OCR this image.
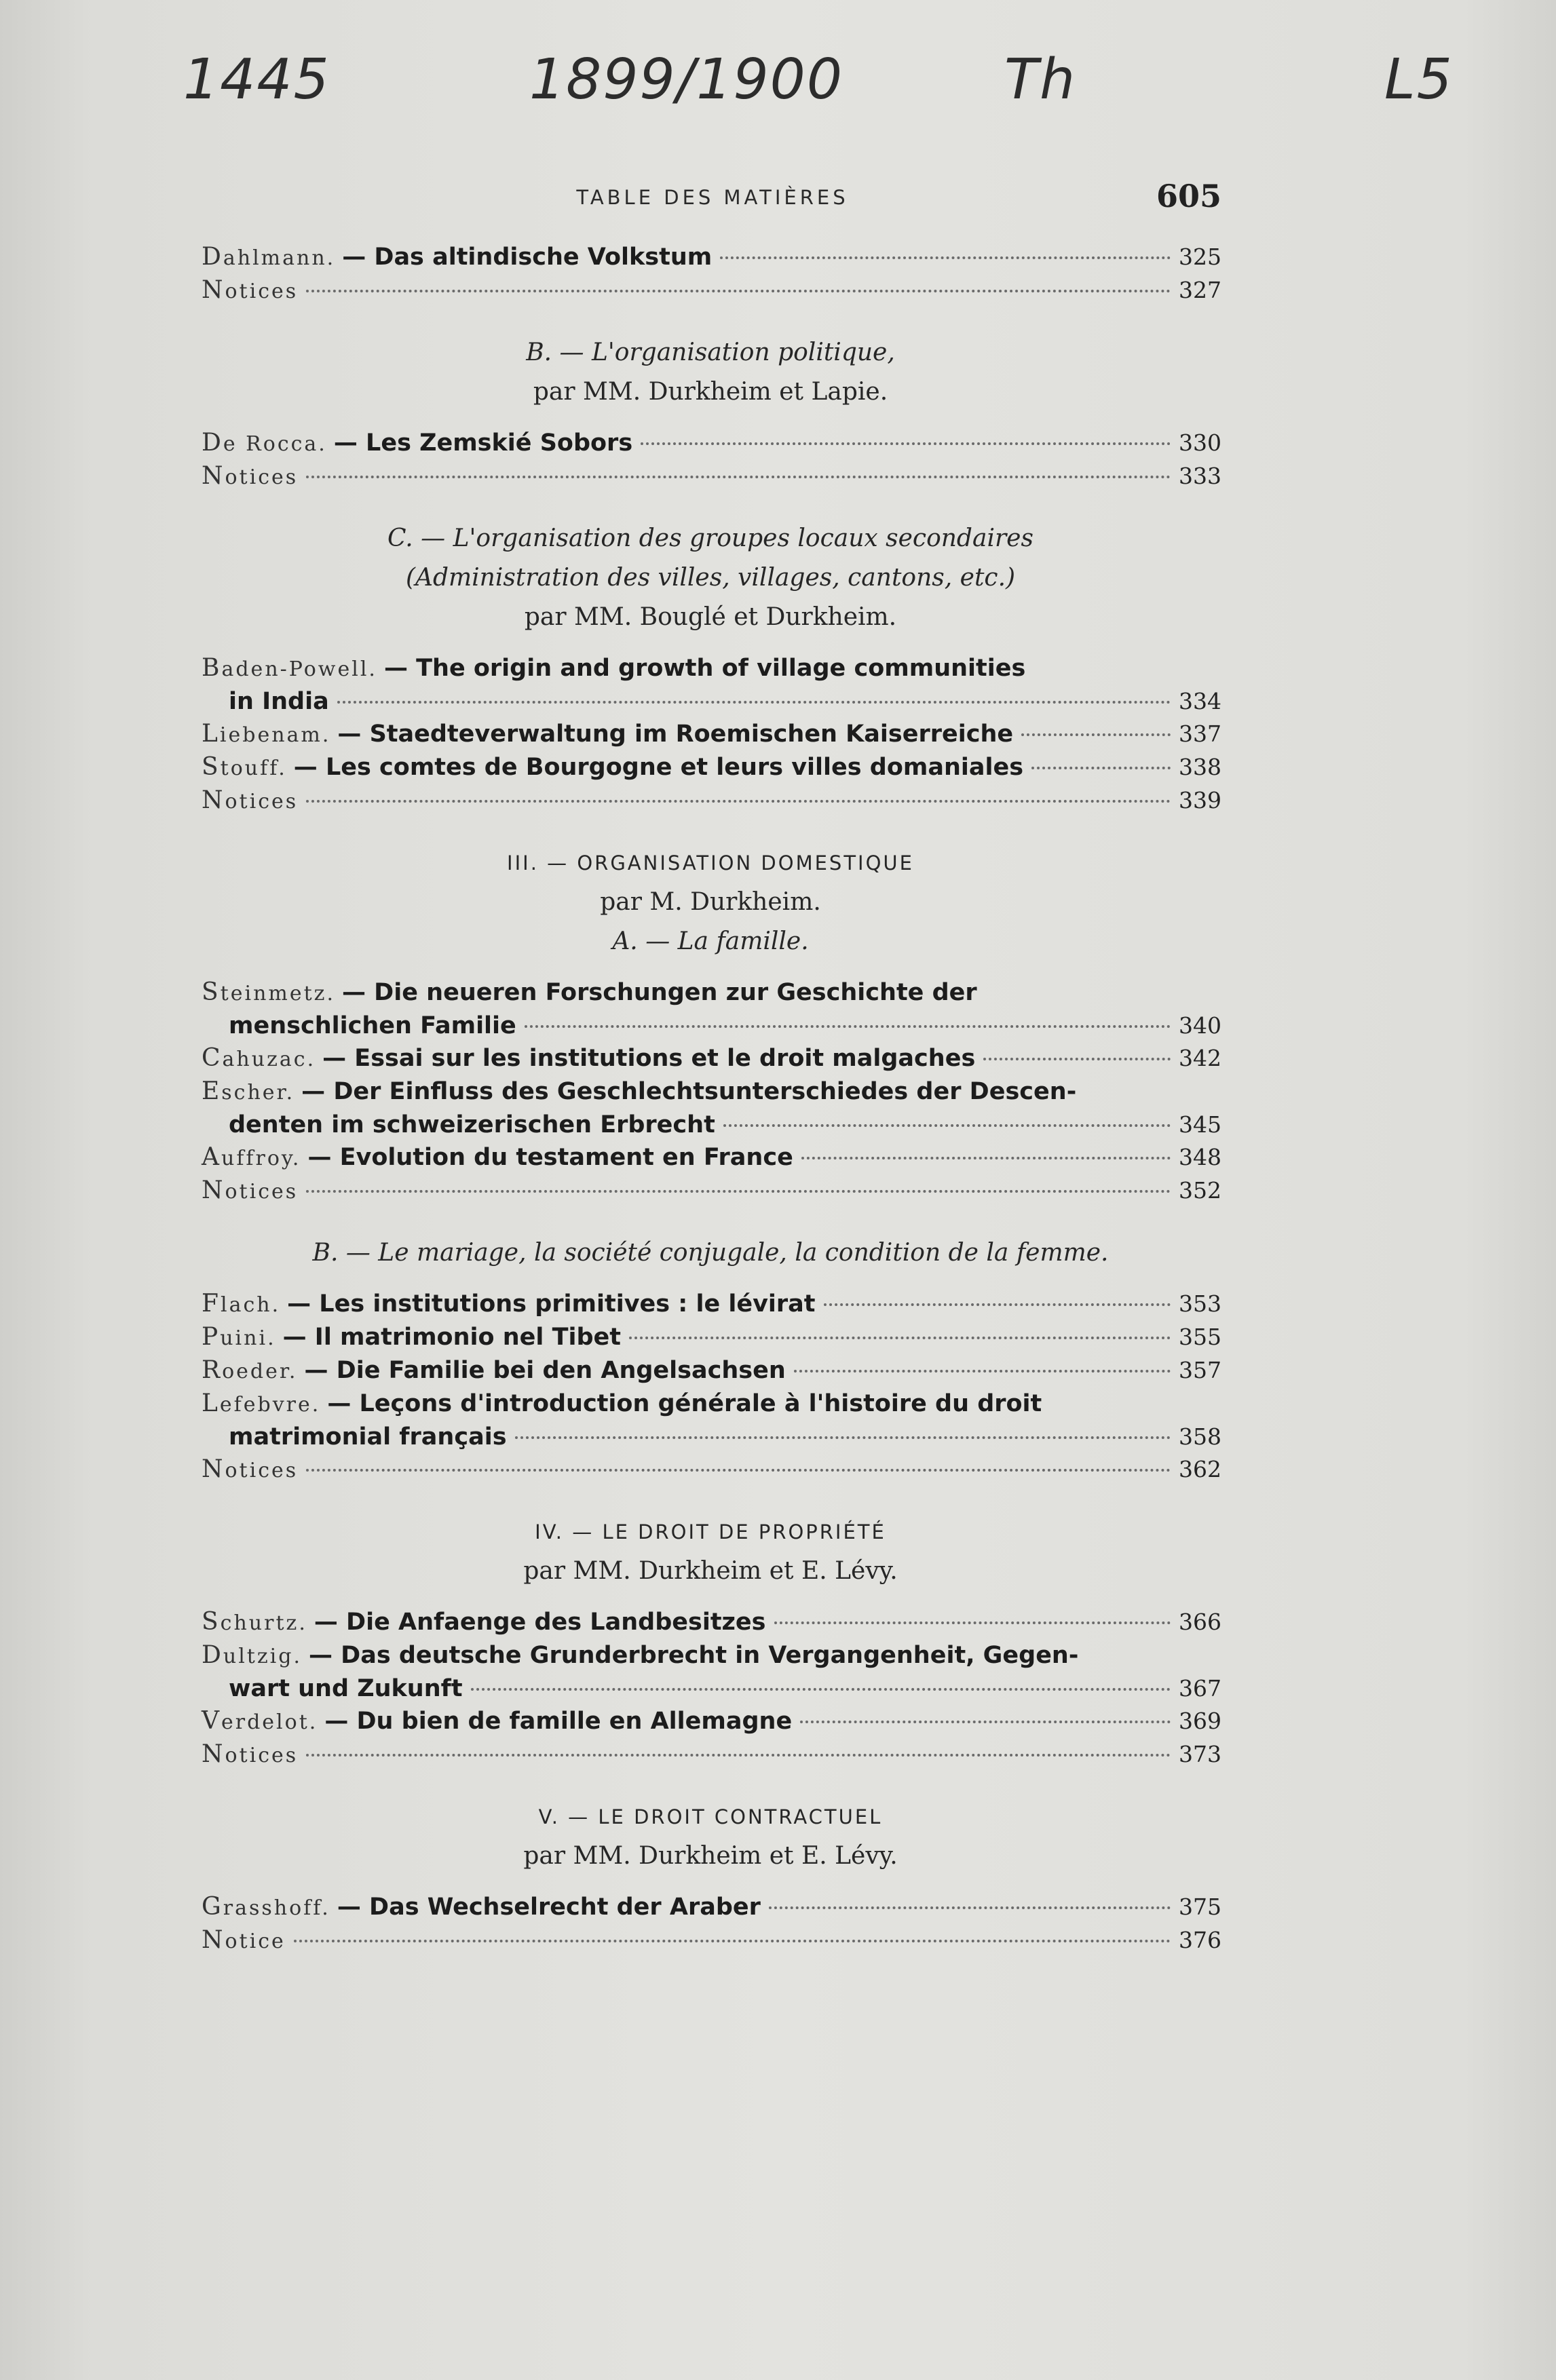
1445	1899/1900	Th	L5
TABLE DES MATIÈRES	605
Dahlmann. — Das altindische Volkstum	325
Notices	327
B. — L'organisation politique,
par MM. Durkheim et Lapie.
De Rocca. — Les Zemskié Sobors	330
Notices	333
C. — L'organisation des groupes locaux secondaires
(Administration des villes, villages, cantons, etc.)
par MM. Bouglé et Durkheim.
Baden-Powell. — The origin and growth of village communities
in India	334
Liebenam. — Staedteverwaltung im Roemischen Kaiserreiche	337
Stouff. — Les comtes de Bourgogne et leurs villes domaniales	338
Notices	339
III. — ORGANISATION DOMESTIQUE
par M. Durkheim.
A. — La famille.
Steinmetz. — Die neueren Forschungen zur Geschichte der
menschlichen Familie	340
Cahuzac. — Essai sur les institutions et le droit malgaches	342
Escher. — Der Einfluss des Geschlechtsunterschiedes der Descen-
denten im schweizerischen Erbrecht	345
Auffroy. — Evolution du testament en France	348
Notices	352
B. — Le mariage, la société conjugale, la condition de la femme.
Flach. — Les institutions primitives : le lévirat	353
Puini. — Il matrimonio nel Tibet	355
Roeder. — Die Familie bei den Angelsachsen	357
Lefebvre. — Leçons d'introduction générale à l'histoire du droit
matrimonial français	358
Notices	362
IV. — LE DROIT DE PROPRIÉTÉ
par MM. Durkheim et E. Lévy.
Schurtz. — Die Anfaenge des Landbesitzes	366
Dultzig. — Das deutsche Grunderbrecht in Vergangenheit, Gegen-
wart und Zukunft	367
Verdelot. — Du bien de famille en Allemagne	369
Notices	373
V. — LE DROIT CONTRACTUEL
par MM. Durkheim et E. Lévy.
Grasshoff. — Das Wechselrecht der Araber	375
Notice	376
